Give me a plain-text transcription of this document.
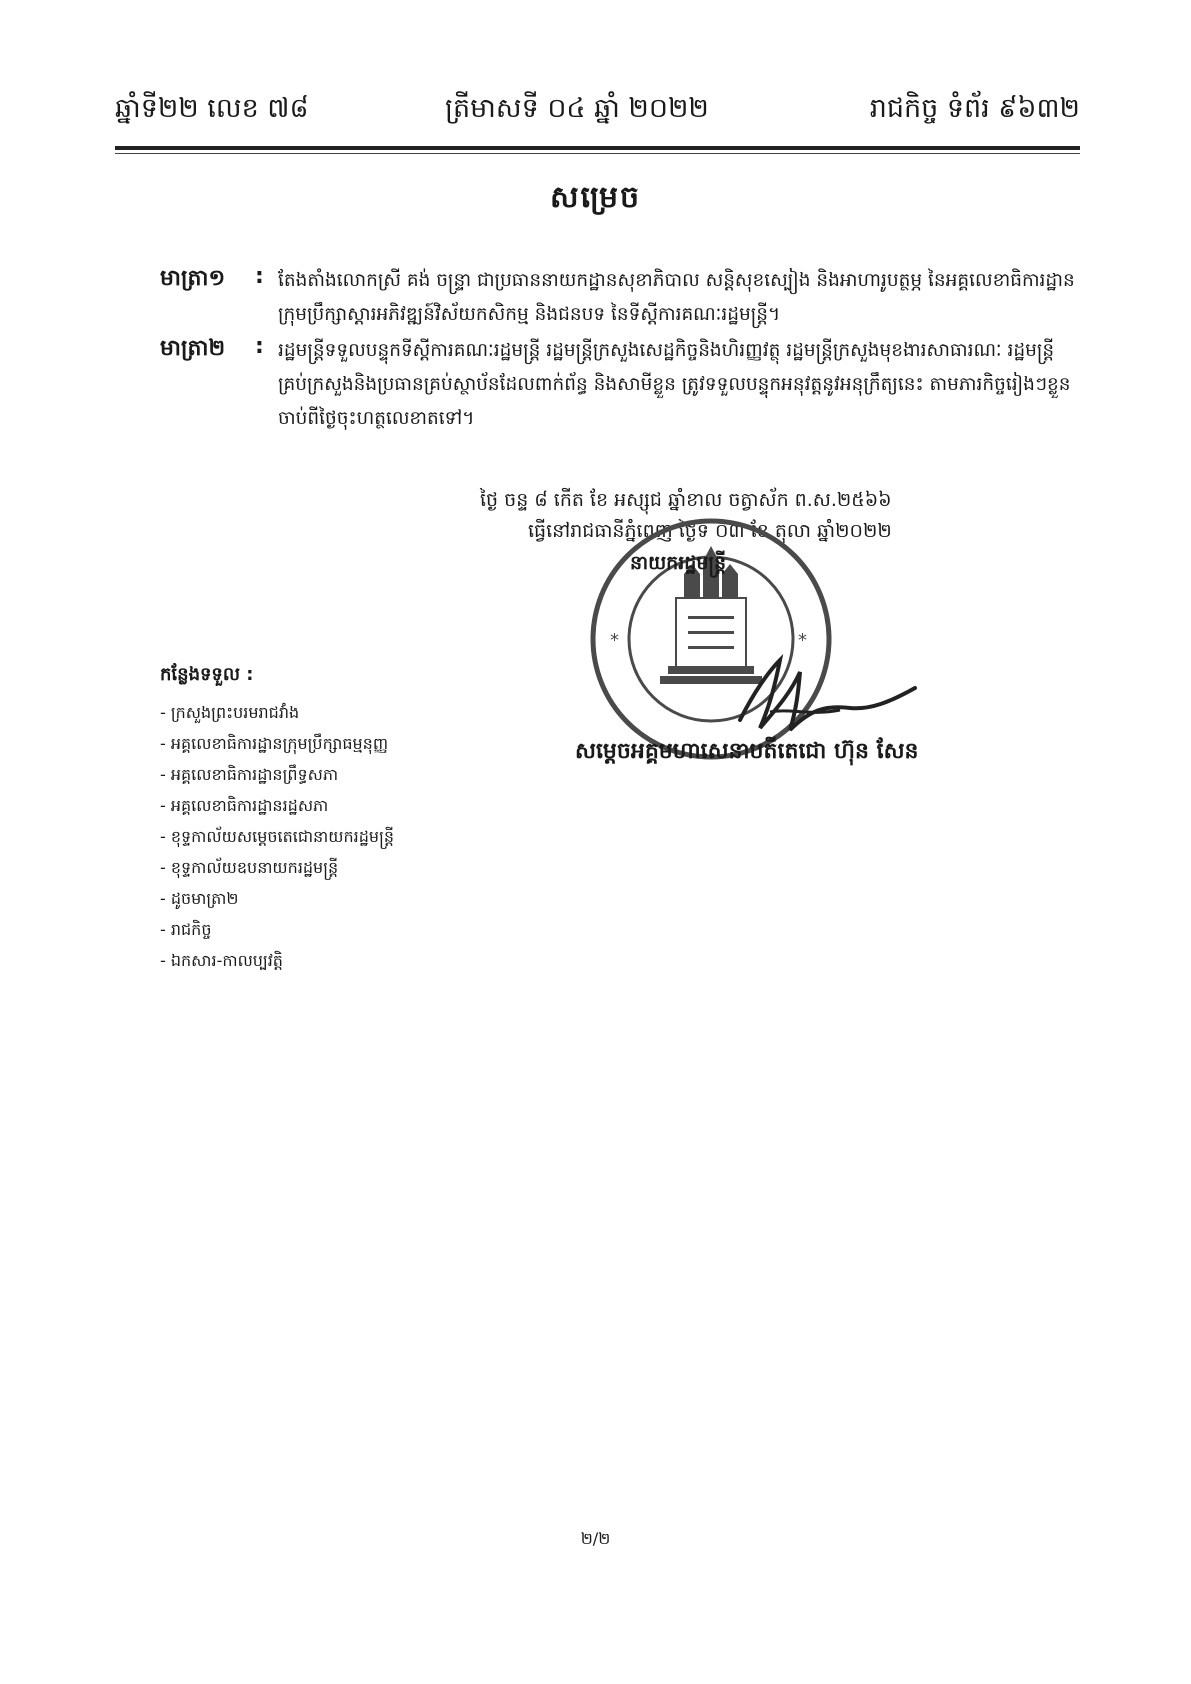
ឆ្នាំទី២២ លេខ ៧៨	ត្រីមាសទី ០៤ ឆ្នាំ ២០២២	រាជកិច្ច ទំព័រ ៩៦៣២
សម្រេច
មាត្រា១ : តែងតាំងលោកស្រី គង់ ចន្ទ្រា ជាប្រធាននាយកដ្ឋានសុខាភិបាល សន្តិសុខស្បៀង និងអាហារូបត្ថម្ភ នៃអគ្គលេខាធិការដ្ឋានក្រុមប្រឹក្សាស្តារអភិវឌ្ឍន៍វិស័យកសិកម្ម និងជនបទ នៃទីស្តីការគណៈរដ្ឋមន្ត្រី។
មាត្រា២ : រដ្ឋមន្ត្រីទទួលបន្ទុកទីស្តីការគណៈរដ្ឋមន្ត្រី រដ្ឋមន្ត្រីក្រសួងសេដ្ឋកិច្ចនិងហិរញ្ញវត្ថុ រដ្ឋមន្ត្រីក្រសួងមុខងារសាធារណៈ រដ្ឋមន្ត្រីគ្រប់ក្រសួងនិងប្រធានគ្រប់ស្ថាប័នដែលពាក់ព័ន្ធ និងសាមីខ្លួន ត្រូវទទួលបន្ទុកអនុវត្តនូវអនុក្រឹត្យនេះ តាមភារកិច្ចរៀងៗខ្លួន ចាប់ពីថ្ងៃចុះហត្ថលេខាតទៅ។
ថ្ងៃ ចន្ទ ៨ កើត ខែ អស្សុជ ឆ្នាំខាល ចត្វាស័ក ព.ស.២៥៦៦
ធ្វើនៅរាជធានីភ្នំពេញ ថ្ងៃទី ០៣ ខែ តុលា ឆ្នាំ២០២២
*	*
នាយករដ្ឋមន្ត្រី
សម្តេចអគ្គមហាសេនាបតីតេជោ ហ៊ុន សែន
កន្លែងទទួល :
- ក្រសួងព្រះបរមរាជវាំង
- អគ្គលេខាធិការដ្ឋានក្រុមប្រឹក្សាធម្មនុញ្ញ
- អគ្គលេខាធិការដ្ឋានព្រឹទ្ធសភា
- អគ្គលេខាធិការដ្ឋានរដ្ឋសភា
- ខុទ្ទកាល័យសម្តេចតេជោនាយករដ្ឋមន្ត្រី
- ខុទ្ទកាល័យឧបនាយករដ្ឋមន្ត្រី
- ដូចមាត្រា២
- រាជកិច្ច
- ឯកសារ-កាលប្បវត្តិ
២/២
